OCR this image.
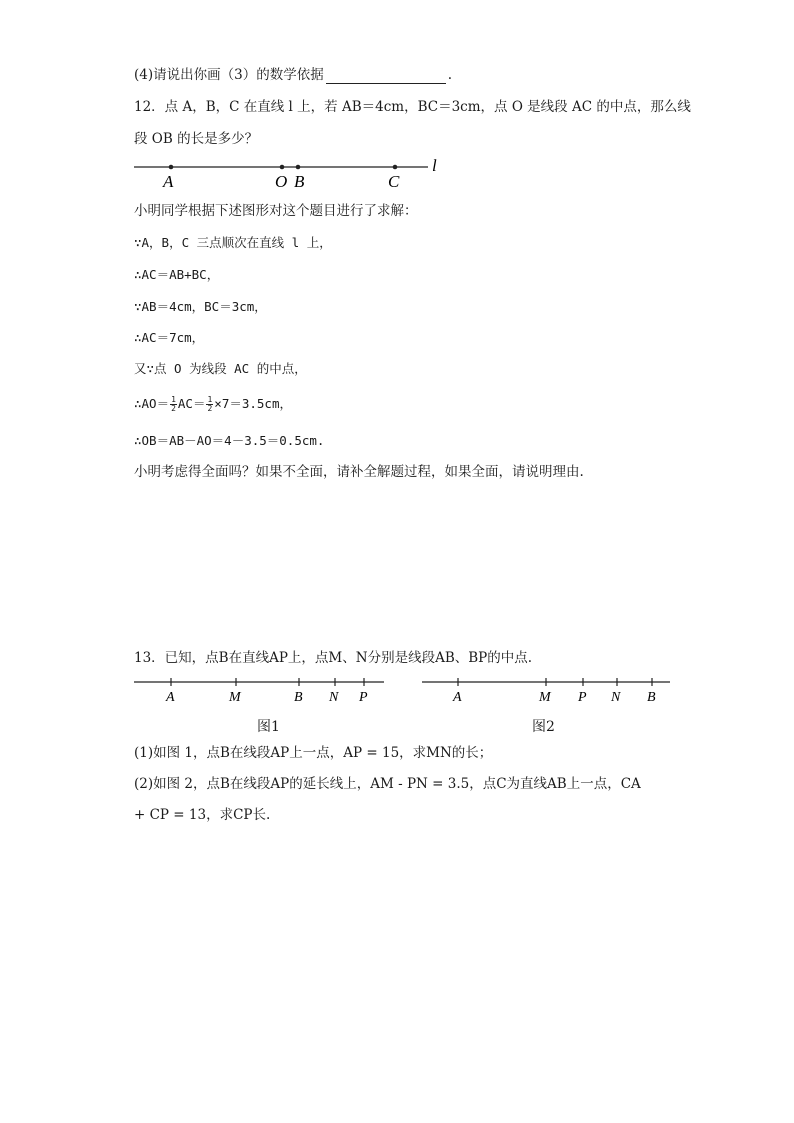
(4)请说出你画（3）的数学依据	.
12．点 A，B，C 在直线 l 上，若 AB＝4cm，BC＝3cm，点 O 是线段 AC 的中点，那么线
段 OB 的长是多少？
l
A	O B	C
小明同学根据下述图形对这个题目进行了求解：
∵A，B，C 三点顺次在直线 l 上，
∴AC＝AB+BC，
∵AB＝4cm，BC＝3cm，
∴AC＝7cm，
又∵点 O 为线段 AC 的中点，
∴AO＝ $\frac{1}{2} AC= \frac{1}{2} \times 7=3.5cm$，
∴OB＝AB－AO＝4－3.5＝0.5cm.
小明考虑得全面吗？如果不全面，请补全解题过程，如果全面，请说明理由.
13．已知，点B在直线AP上，点M、N分别是线段AB、BP的中点.
A	M	B N P	A	M P N B
图1	图2
(1)如图 1，点B在线段AP上一点，AP = 15，求MN的长；
(2)如图 2，点B在线段AP的延长线上，AM - PN = 3.5，点C为直线AB上一点，CA
+ CP = 13，求CP长.
